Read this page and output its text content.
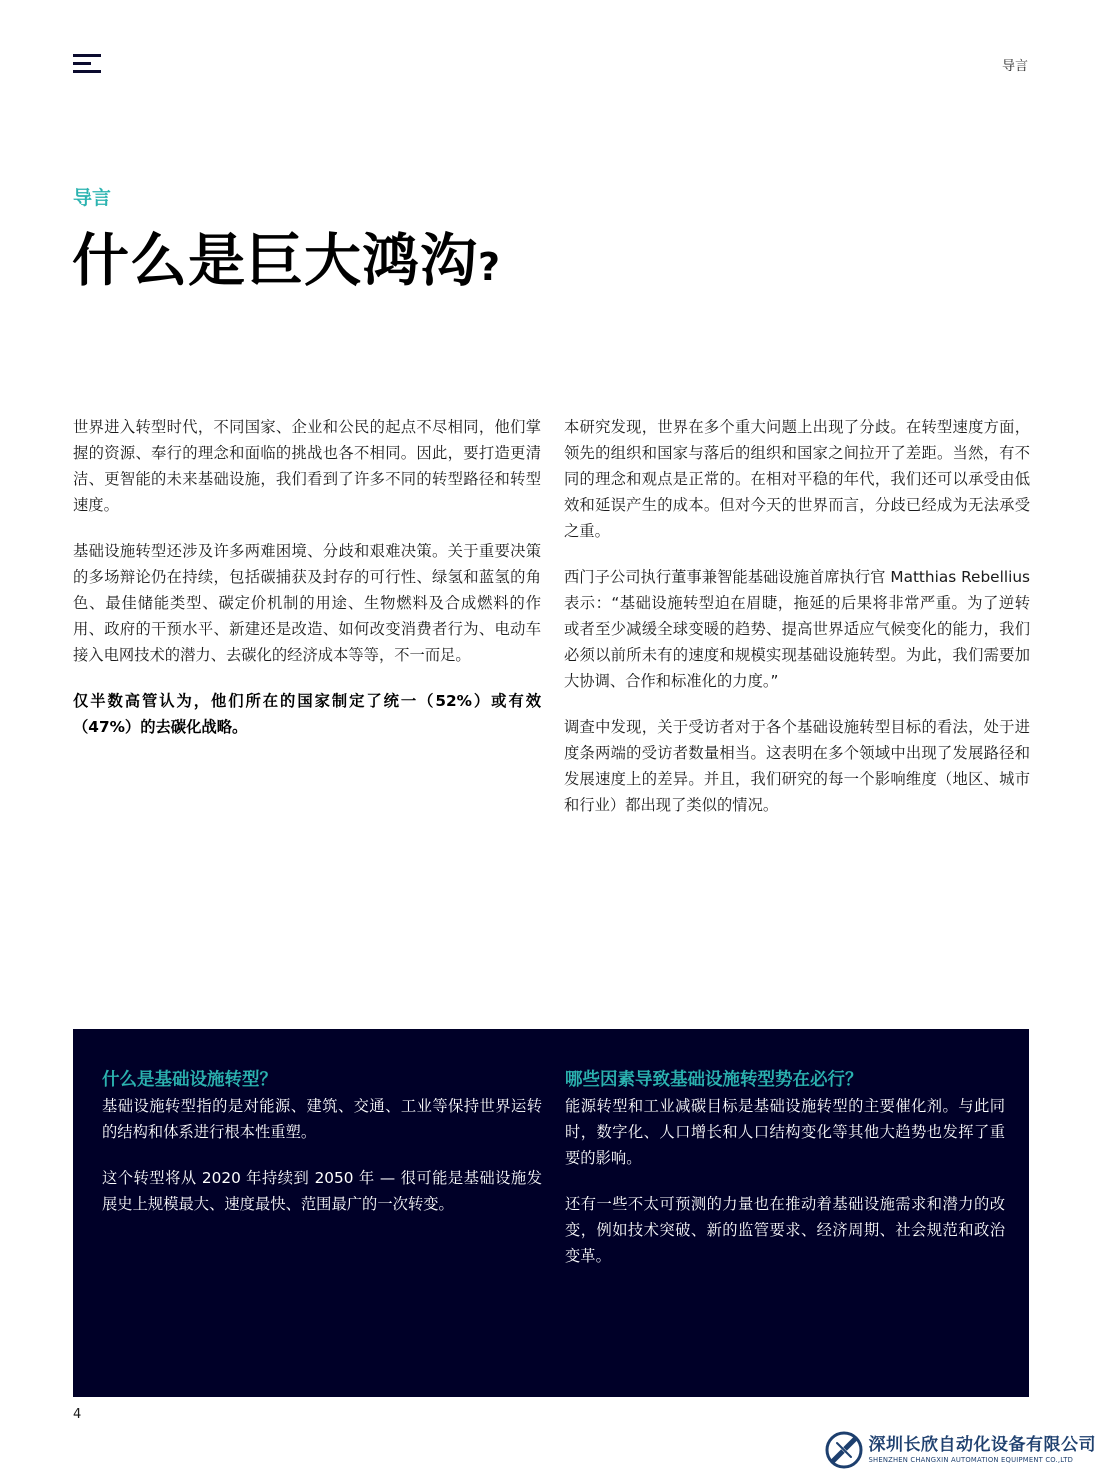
导言
导言
什么是巨大鸿沟?

世界进入转型时代，不同国家、企业和公民的起点不尽相同，他们掌握的资源、奉行的理念和面临的挑战也各不相同。因此，要打造更清洁、更智能的未来基础设施，我们看到了许多不同的转型路径和转型速度。

基础设施转型还涉及许多两难困境、分歧和艰难决策。关于重要决策的多场辩论仍在持续，包括碳捕获及封存的可行性、绿氢和蓝氢的角色、最佳储能类型、碳定价机制的用途、生物燃料及合成燃料的作用、政府的干预水平、新建还是改造、如何改变消费者行为、电动车接入电网技术的潜力、去碳化的经济成本等等，不一而足。

仅半数高管认为，他们所在的国家制定了统一（52%）或有效（47%）的去碳化战略。

本研究发现，世界在多个重大问题上出现了分歧。在转型速度方面，领先的组织和国家与落后的组织和国家之间拉开了差距。当然，有不同的理念和观点是正常的。在相对平稳的年代，我们还可以承受由低效和延误产生的成本。但对今天的世界而言，分歧已经成为无法承受之重。

西门子公司执行董事兼智能基础设施首席执行官 Matthias Rebellius 表示：“基础设施转型迫在眉睫，拖延的后果将非常严重。为了逆转或者至少减缓全球变暖的趋势、提高世界适应气候变化的能力，我们必须以前所未有的速度和规模实现基础设施转型。为此，我们需要加大协调、合作和标准化的力度。”

调查中发现，关于受访者对于各个基础设施转型目标的看法，处于进度条两端的受访者数量相当。这表明在多个领域中出现了发展路径和发展速度上的差异。并且，我们研究的每一个影响维度（地区、城市和行业）都出现了类似的情况。

什么是基础设施转型？

基础设施转型指的是对能源、建筑、交通、工业等保持世界运转的结构和体系进行根本性重塑。

这个转型将从 2020 年持续到 2050 年 — 很可能是基础设施发展史上规模最大、速度最快、范围最广的一次转变。

哪些因素导致基础设施转型势在必行？

能源转型和工业减碳目标是基础设施转型的主要催化剂。与此同时，数字化、人口增长和人口结构变化等其他大趋势也发挥了重要的影响。

还有一些不太可预测的力量也在推动着基础设施需求和潜力的改变，例如技术突破、新的监管要求、经济周期、社会规范和政治变革。

4
深圳长欣自动化设备有限公司
SHENZHEN CHANGXIN AUTOMATION EQUIPMENT CO.,LTD
